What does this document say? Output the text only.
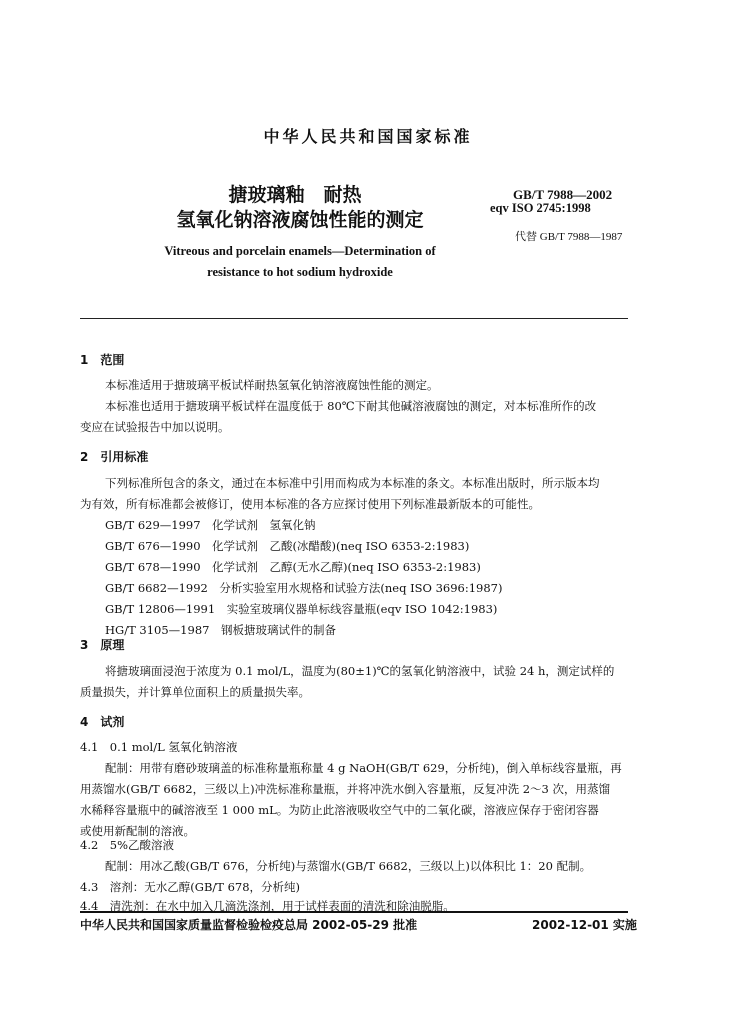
中华人民共和国国家标准
搪玻璃釉　耐热
氢氧化钠溶液腐蚀性能的测定
GB/T 7988—2002
eqv ISO 2745:1998
代替 GB/T 7988—1987
Vitreous and porcelain enamels—Determination of
resistance to hot sodium hydroxide
1　范围
本标准适用于搪玻璃平板试样耐热氢氧化钠溶液腐蚀性能的测定。
本标准也适用于搪玻璃平板试样在温度低于 80℃下耐其他碱溶液腐蚀的测定，对本标准所作的改
变应在试验报告中加以说明。
2　引用标准
下列标准所包含的条文，通过在本标准中引用而构成为本标准的条文。本标准出版时，所示版本均
为有效，所有标准都会被修订，使用本标准的各方应探讨使用下列标准最新版本的可能性。
GB/T 629—1997　化学试剂　氢氧化钠
GB/T 676—1990　化学试剂　乙酸(冰醋酸)(neq ISO 6353-2:1983)
GB/T 678—1990　化学试剂　乙醇(无水乙醇)(neq ISO 6353-2:1983)
GB/T 6682—1992　分析实验室用水规格和试验方法(neq ISO 3696:1987)
GB/T 12806—1991　实验室玻璃仪器单标线容量瓶(eqv ISO 1042:1983)
HG/T 3105—1987　钢板搪玻璃试件的制备
3　原理
将搪玻璃面浸泡于浓度为 0.1 mol/L，温度为(80±1)℃的氢氧化钠溶液中，试验 24 h，测定试样的
质量损失，并计算单位面积上的质量损失率。
4　试剂
4.1　0.1 mol/L 氢氧化钠溶液
配制：用带有磨砂玻璃盖的标准称量瓶称量 4 g NaOH(GB/T 629，分析纯)，倒入单标线容量瓶，再
用蒸馏水(GB/T 6682，三级以上)冲洗标准称量瓶，并将冲洗水倒入容量瓶，反复冲洗 2～3 次，用蒸馏
水稀释容量瓶中的碱溶液至 1 000 mL。为防止此溶液吸收空气中的二氧化碳，溶液应保存于密闭容器
或使用新配制的溶液。
4.2　5%乙酸溶液
配制：用冰乙酸(GB/T 676，分析纯)与蒸馏水(GB/T 6682，三级以上)以体积比 1：20 配制。
4.3　溶剂：无水乙醇(GB/T 678，分析纯)
4.4　清洗剂：在水中加入几滴洗涤剂，用于试样表面的清洗和除油脱脂。
中华人民共和国国家质量监督检验检疫总局 2002-05-29 批准	2002-12-01 实施
